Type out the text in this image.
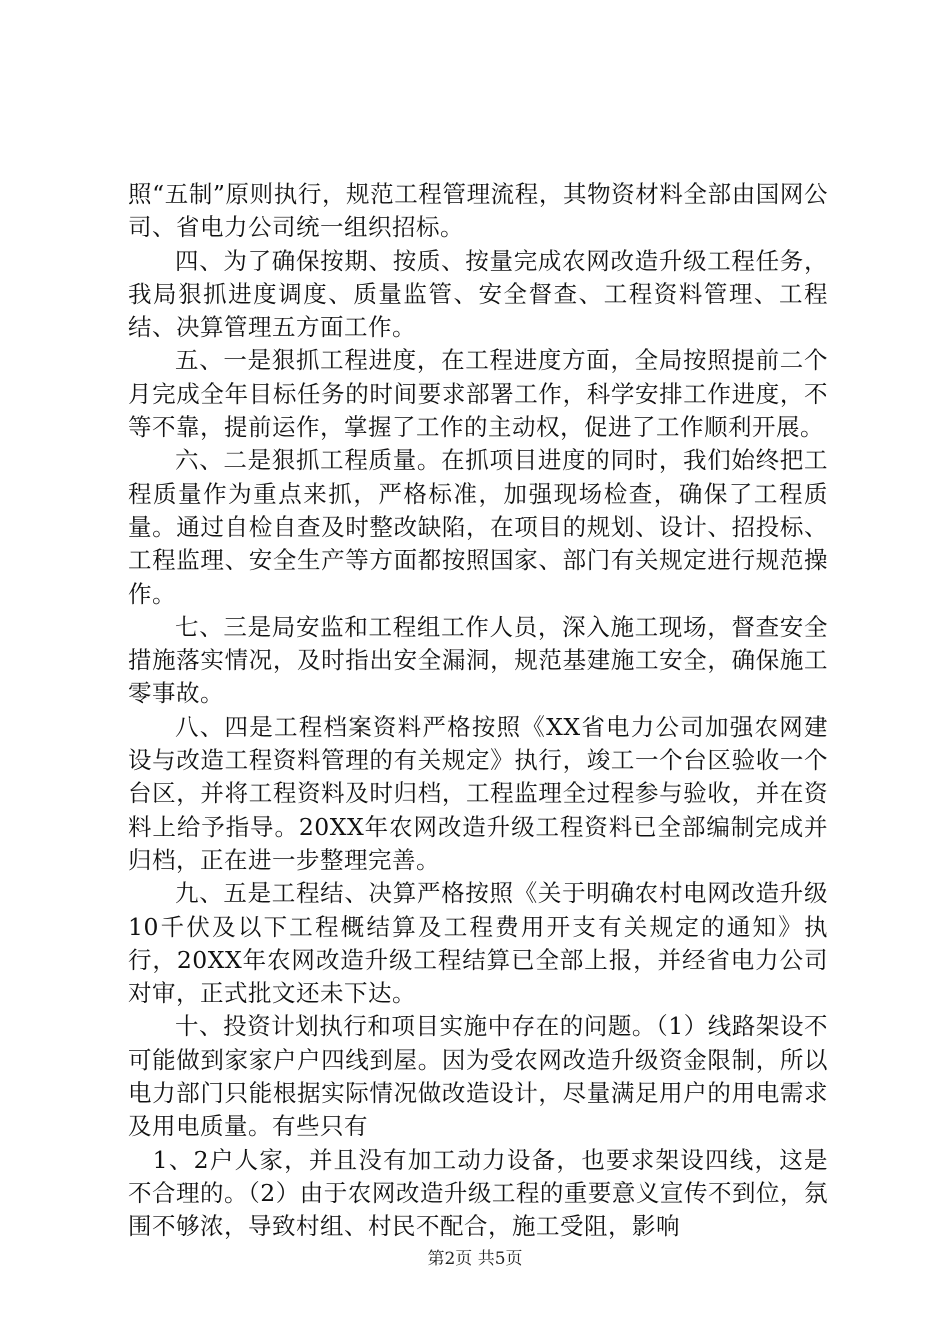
照“五制”原则执行，规范工程管理流程，其物资材料全部由国网公司、省电力公司统一组织招标。

四、为了确保按期、按质、按量完成农网改造升级工程任务，我局狠抓进度调度、质量监管、安全督查、工程资料管理、工程结、决算管理五方面工作。

五、一是狠抓工程进度，在工程进度方面，全局按照提前二个月完成全年目标任务的时间要求部署工作，科学安排工作进度，不等不靠，提前运作，掌握了工作的主动权，促进了工作顺利开展。

六、二是狠抓工程质量。在抓项目进度的同时，我们始终把工程质量作为重点来抓，严格标准，加强现场检查，确保了工程质量。通过自检自查及时整改缺陷，在项目的规划、设计、招投标、工程监理、安全生产等方面都按照国家、部门有关规定进行规范操作。

七、三是局安监和工程组工作人员，深入施工现场，督查安全措施落实情况，及时指出安全漏洞，规范基建施工安全，确保施工零事故。

八、四是工程档案资料严格按照《XX省电力公司加强农网建设与改造工程资料管理的有关规定》执行，竣工一个台区验收一个台区，并将工程资料及时归档，工程监理全过程参与验收，并在资料上给予指导。20XX年农网改造升级工程资料已全部编制完成并归档，正在进一步整理完善。

九、五是工程结、决算严格按照《关于明确农村电网改造升级10千伏及以下工程概结算及工程费用开支有关规定的通知》执行，20XX年农网改造升级工程结算已全部上报，并经省电力公司对审，正式批文还未下达。

十、投资计划执行和项目实施中存在的问题。（1）线路架设不可能做到家家户户四线到屋。因为受农网改造升级资金限制，所以电力部门只能根据实际情况做改造设计，尽量满足用户的用电需求及用电质量。有些只有

1、2户人家，并且没有加工动力设备，也要求架设四线，这是不合理的。（2）由于农网改造升级工程的重要意义宣传不到位，氛围不够浓，导致村组、村民不配合，施工受阻，影响

第2页 共5页
